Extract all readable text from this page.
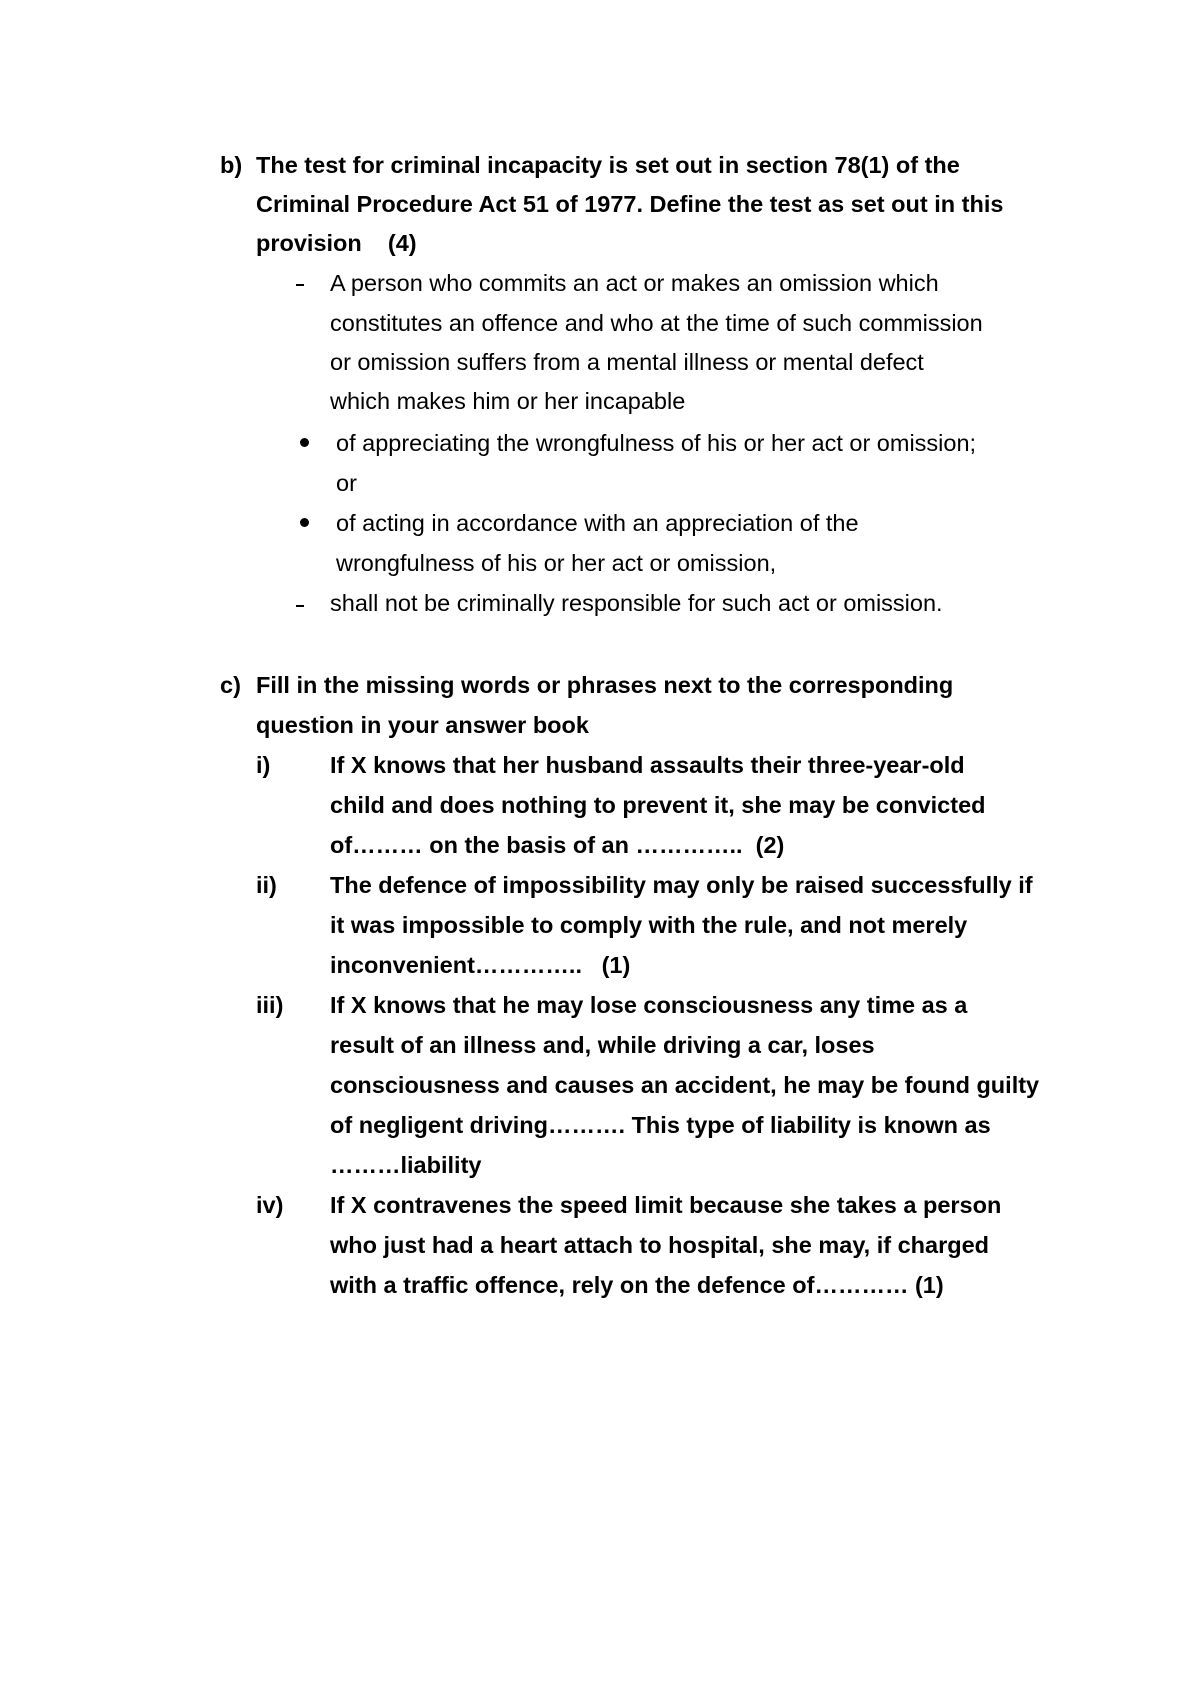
b) The test for criminal incapacity is set out in section 78(1) of the
Criminal Procedure Act 51 of 1977. Define the test as set out in this
provision    (4)
A person who commits an act or makes an omission which
constitutes an offence and who at the time of such commission
or omission suffers from a mental illness or mental defect
which makes him or her incapable
of appreciating the wrongfulness of his or her act or omission;
or
of acting in accordance with an appreciation of the
wrongfulness of his or her act or omission,
shall not be criminally responsible for such act or omission.
c) Fill in the missing words or phrases next to the corresponding
question in your answer book
i)	If X knows that her husband assaults their three-year-old
child and does nothing to prevent it, she may be convicted
of……… on the basis of an …………..  (2)
ii) The defence of impossibility may only be raised successfully if
it was impossible to comply with the rule, and not merely
inconvenient…………..   (1)
iii) If X knows that he may lose consciousness any time as a
result of an illness and, while driving a car, loses
consciousness and causes an accident, he may be found guilty
of negligent driving………. This type of liability is known as
………liability
iv) If X contravenes the speed limit because she takes a person
who just had a heart attach to hospital, she may, if charged
with a traffic offence, rely on the defence of………… (1)
